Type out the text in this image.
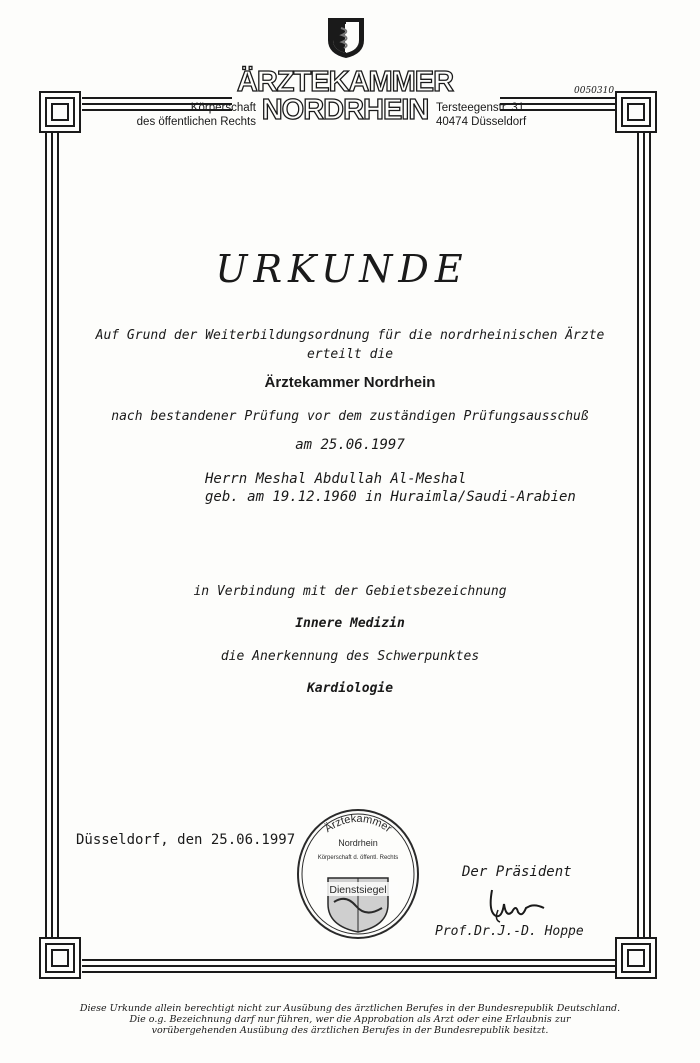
ÄRZTEKAMMER
NORDRHEIN
Körperschaft
des öffentlichen Rechts
Tersteegenstr. 31
40474 Düsseldorf
0050310
URKUNDE
Auf Grund der Weiterbildungsordnung für die nordrheinischen Ärzte
erteilt die
Ärztekammer Nordrhein
nach bestandener Prüfung vor dem zuständigen Prüfungsausschuß
am 25.06.1997
Herrn Meshal Abdullah Al-Meshal
geb. am 19.12.1960 in Huraimla/Saudi-Arabien
in Verbindung mit der Gebietsbezeichnung
Innere Medizin
die Anerkennung des Schwerpunktes
Kardiologie
Düsseldorf, den 25.06.1997
Ärztekammer
Nordrhein
Körperschaft d. öffentl. Rechts
Dienstsiegel
Der Präsident
Prof.Dr.J.-D. Hoppe
Diese Urkunde allein berechtigt nicht zur Ausübung des ärztlichen Berufes in der Bundesrepublik Deutschland.
Die o.g. Bezeichnung darf nur führen, wer die Approbation als Arzt oder eine Erlaubnis zur
vorübergehenden Ausübung des ärztlichen Berufes in der Bundesrepublik besitzt.
